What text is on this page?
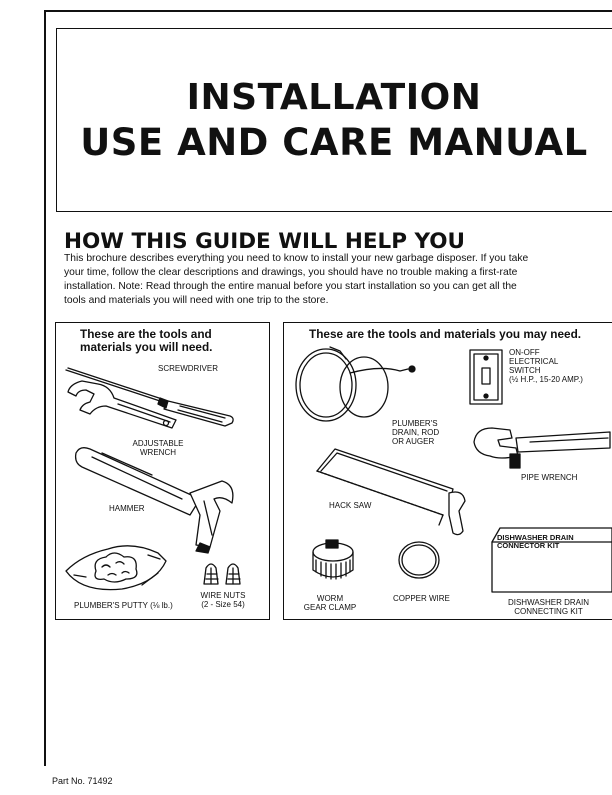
INSTALLATION
USE AND CARE MANUAL
HOW THIS GUIDE WILL HELP YOU

This brochure describes everything you need to know to install your new garbage disposer. If you take
your time, follow the clear descriptions and drawings, you should have no trouble making a first-rate
installation. Note: Read through the entire manual before you start installation so you can get all the
tools and materials you will need with one trip to the store.

These are the tools and
materials you will need.

SCREWDRIVER

ADJUSTABLE
WRENCH

HAMMER

WIRE NUTS
(2 - Size 54)

PLUMBER'S PUTTY (⅛ lb.)

These are the tools and materials you may need.

PLUMBER'S
DRAIN, ROD
OR AUGER

ON-OFF
ELECTRICAL
SWITCH
(½ H.P., 15-20 AMP.)

PIPE WRENCH

HACK SAW

DISHWASHER DRAIN
CONNECTOR KIT

DISHWASHER DRAIN
CONNECTING KIT

WORM
GEAR CLAMP

COPPER WIRE

Part No. 71492
